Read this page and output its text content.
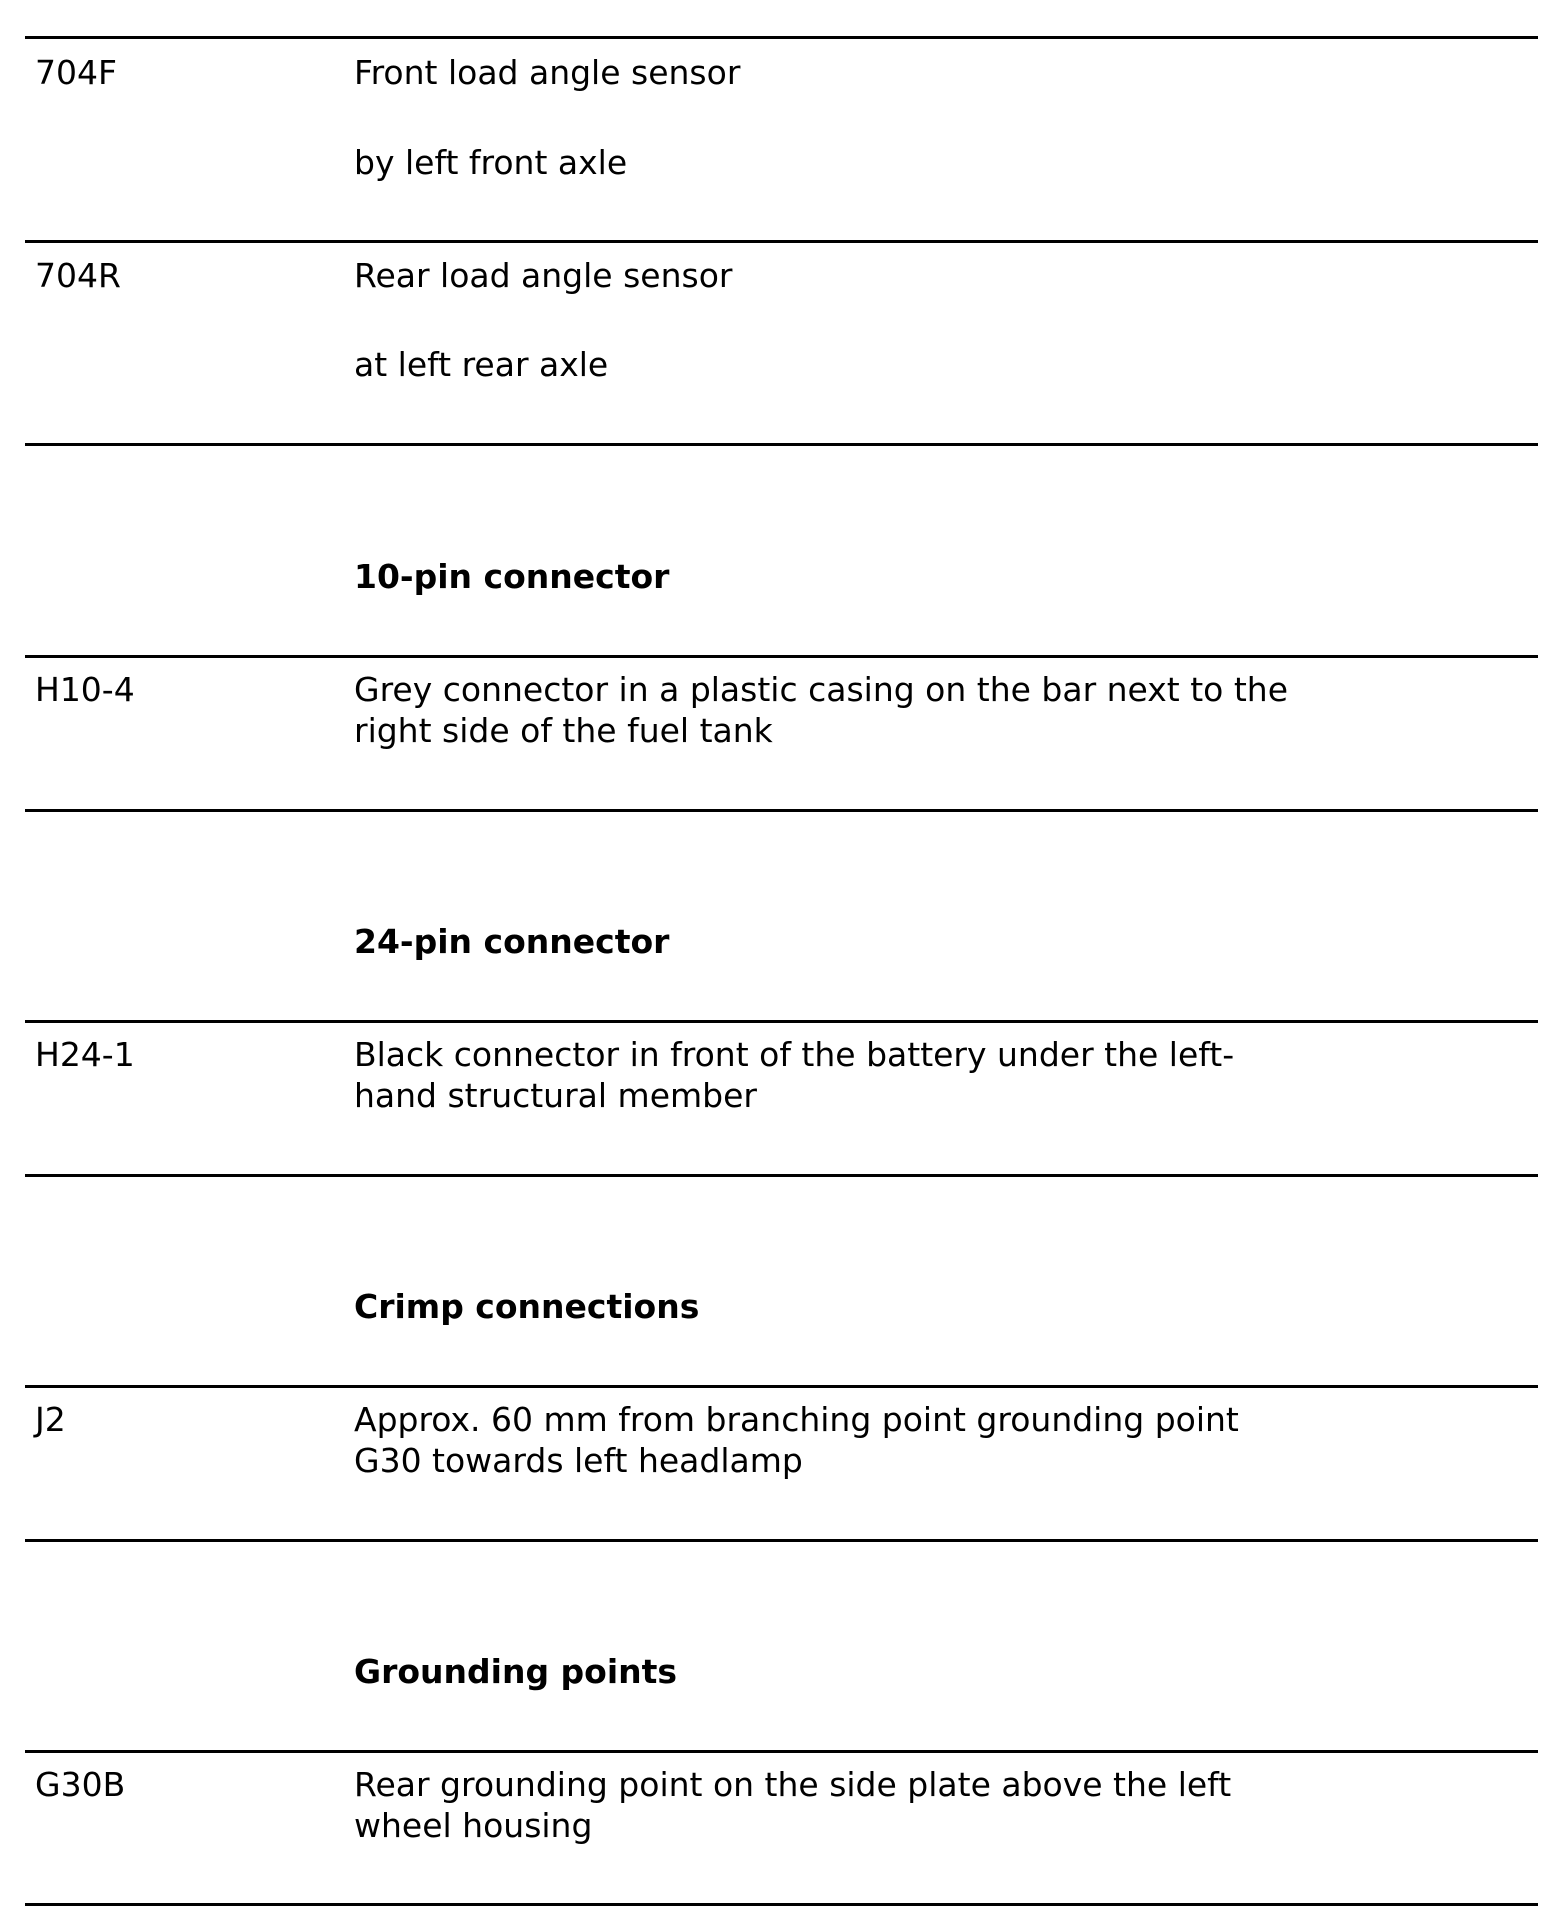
704F	Front load angle sensor
by left front axle
704R	Rear load angle sensor
at left rear axle
10-pin connector
H10-4	Grey connector in a plastic casing on the bar next to the
right side of the fuel tank
24-pin connector
H24-1	Black connector in front of the battery under the left-
hand structural member
Crimp connections
J2	Approx. 60 mm from branching point grounding point
G30 towards left headlamp
Grounding points
G30B	Rear grounding point on the side plate above the left
wheel housing
